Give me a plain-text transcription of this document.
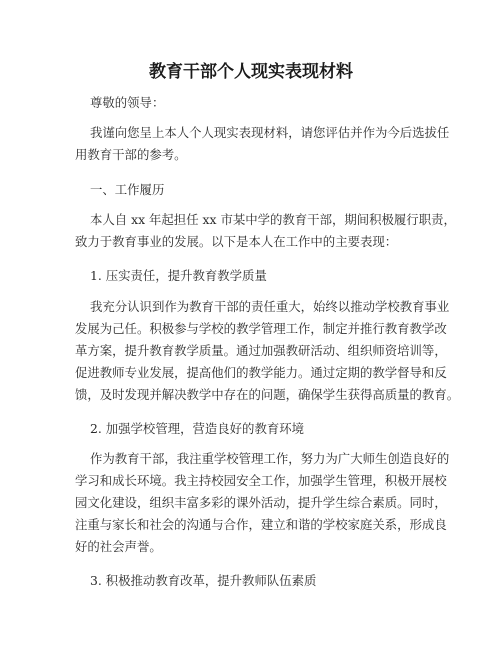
教育干部个人现实表现材料
尊敬的领导：
我谨向您呈上本人个人现实表现材料，请您评估并作为今后选拔任
用教育干部的参考。
一、工作履历
本人自 xx 年起担任 xx 市某中学的教育干部，期间积极履行职责，
致力于教育事业的发展。以下是本人在工作中的主要表现：
1. 压实责任，提升教育教学质量
我充分认识到作为教育干部的责任重大，始终以推动学校教育事业
发展为己任。积极参与学校的教学管理工作，制定并推行教育教学改
革方案，提升教育教学质量。通过加强教研活动、组织师资培训等，
促进教师专业发展，提高他们的教学能力。通过定期的教学督导和反
馈，及时发现并解决教学中存在的问题，确保学生获得高质量的教育。
2. 加强学校管理，营造良好的教育环境
作为教育干部，我注重学校管理工作，努力为广大师生创造良好的
学习和成长环境。我主持校园安全工作，加强学生管理，积极开展校
园文化建设，组织丰富多彩的课外活动，提升学生综合素质。同时，
注重与家长和社会的沟通与合作，建立和谐的学校家庭关系，形成良
好的社会声誉。
3. 积极推动教育改革，提升教师队伍素质
